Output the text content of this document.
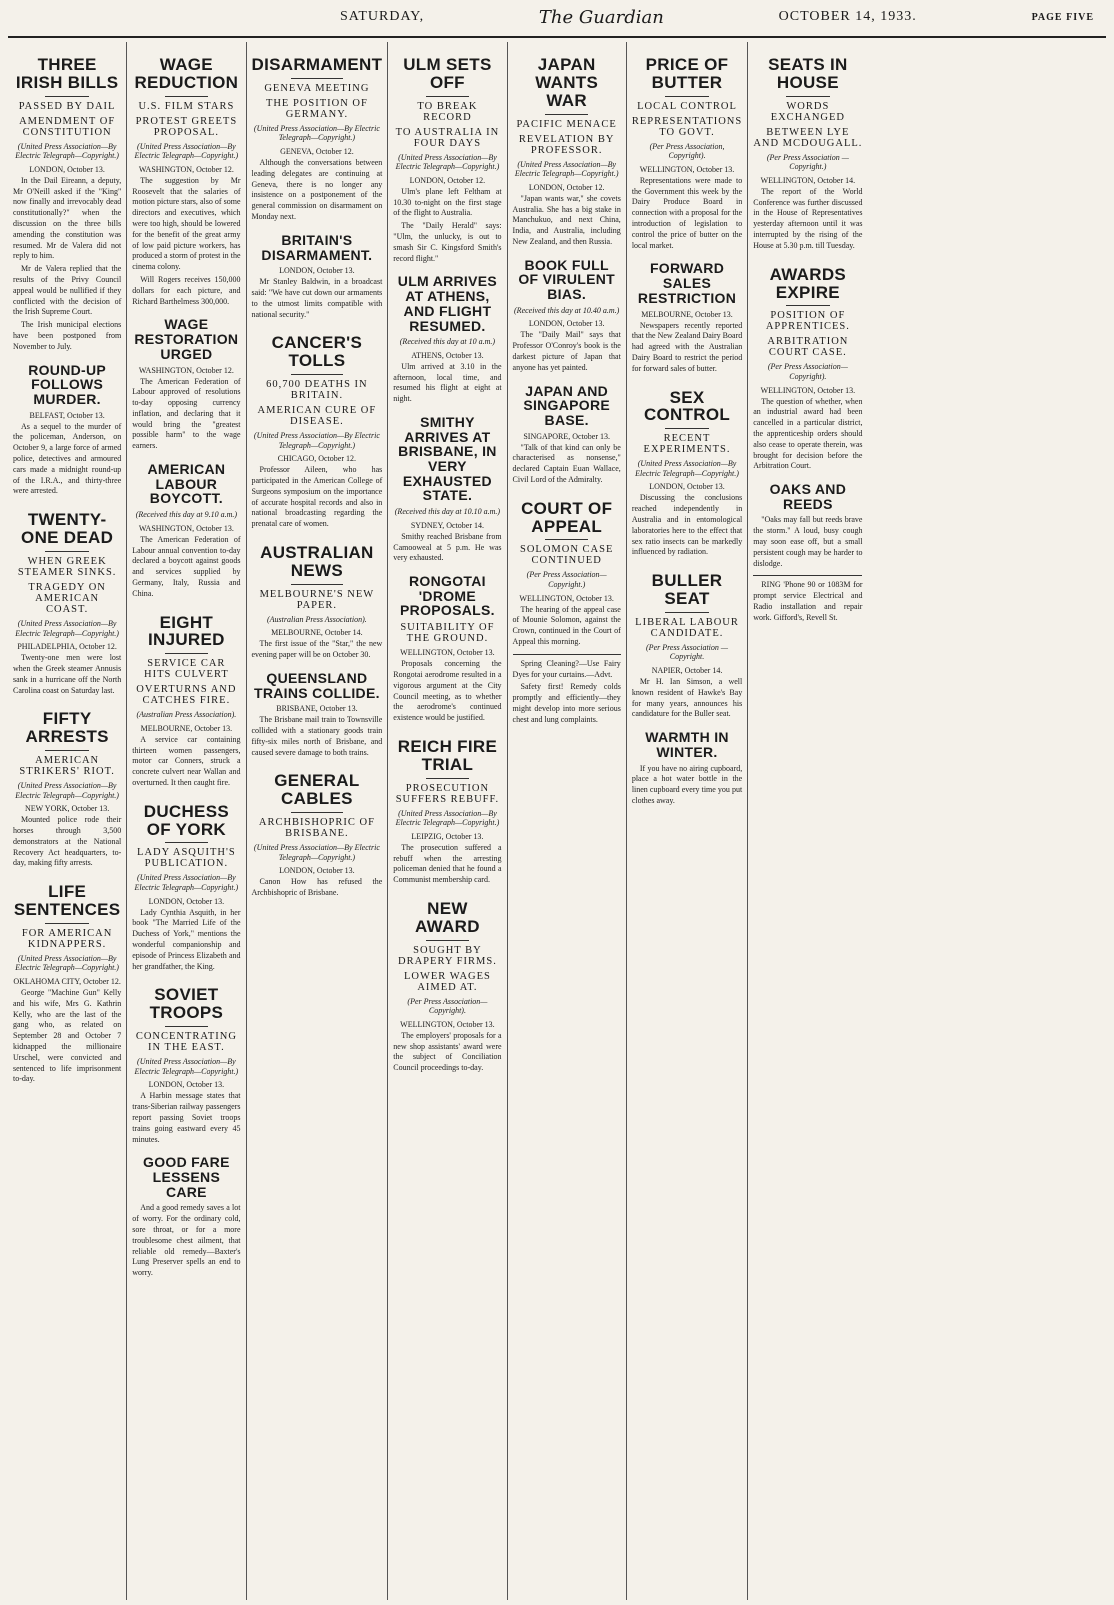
SATURDAY,	The Guardian	OCTOBER 14, 1933.	PAGE FIVE
THREE IRISH BILLS
PASSED BY DAIL
AMENDMENT OF CONSTITUTION
(United Press Association—By Electric Telegraph—Copyright.)
LONDON, October 13.

In the Dail Eireann, a deputy, Mr O'Neill asked if the "King" now finally and irrevocably dead constitutionally?" when the discussion on the three bills amending the constitution was resumed. Mr de Valera did not reply to him.

Mr de Valera replied that the results of the Privy Council appeal would be nullified if they conflicted with the decision of the Irish Supreme Court.

The Irish municipal elections have been postponed from November to July.

ROUND-UP FOLLOWS MURDER.
BELFAST, October 13.

As a sequel to the murder of the policeman, Anderson, on October 9, a large force of armed police, detectives and armoured cars made a midnight round-up of the I.R.A., and thirty-three were arrested.

TWENTY-ONE DEAD
WHEN GREEK STEAMER SINKS.
TRAGEDY ON AMERICAN COAST.
(United Press Association—By Electric Telegraph—Copyright.)
PHILADELPHIA, October 12.

Twenty-one men were lost when the Greek steamer Annusis sank in a hurricane off the North Carolina coast on Saturday last.

FIFTY ARRESTS
AMERICAN STRIKERS' RIOT.
(United Press Association—By Electric Telegraph—Copyright.)
NEW YORK, October 13.

Mounted police rode their horses through 3,500 demonstrators at the National Recovery Act headquarters, to-day, making fifty arrests.

LIFE SENTENCES
FOR AMERICAN KIDNAPPERS.
(United Press Association—By Electric Telegraph—Copyright.)
OKLAHOMA CITY, October 12.

George "Machine Gun" Kelly and his wife, Mrs G. Kathrin Kelly, who are the last of the gang who, as related on September 28 and October 7 kidnapped the millionaire Urschel, were convicted and sentenced to life imprisonment to-day.

WAGE REDUCTION
U.S. FILM STARS
PROTEST GREETS PROPOSAL.
(United Press Association—By Electric Telegraph—Copyright.)
WASHINGTON, October 12.

The suggestion by Mr Roosevelt that the salaries of motion picture stars, also of some directors and executives, which were too high, should be lowered for the benefit of the great army of low paid picture workers, has produced a storm of protest in the cinema colony.

Will Rogers receives 150,000 dollars for each picture, and Richard Barthelmess 300,000.

WAGE RESTORATION URGED
WASHINGTON, October 12.

The American Federation of Labour approved of resolutions to-day opposing currency inflation, and declaring that it would bring the "greatest possible harm" to the wage earners.

AMERICAN LABOUR BOYCOTT.
(Received this day at 9.10 a.m.)
WASHINGTON, October 13.

The American Federation of Labour annual convention to-day declared a boycott against goods and services supplied by Germany, Italy, Russia and China.

EIGHT INJURED
SERVICE CAR HITS CULVERT
OVERTURNS AND CATCHES FIRE.
(Australian Press Association).
MELBOURNE, October 13.

A service car containing thirteen women passengers, motor car Conners, struck a concrete culvert near Wallan and overturned. It then caught fire.

DUCHESS OF YORK
LADY ASQUITH'S PUBLICATION.
(United Press Association—By Electric Telegraph—Copyright.)
LONDON, October 13.

Lady Cynthia Asquith, in her book "The Married Life of the Duchess of York," mentions the wonderful companionship and episode of Princess Elizabeth and her grandfather, the King.

SOVIET TROOPS
CONCENTRATING IN THE EAST.
(United Press Association—By Electric Telegraph—Copyright.)
LONDON, October 13.

A Harbin message states that trans-Siberian railway passengers report passing Soviet troops trains going eastward every 45 minutes.

GOOD FARE LESSENS CARE

And a good remedy saves a lot of worry. For the ordinary cold, sore throat, or for a more troublesome chest ailment, that reliable old remedy—Baxter's Lung Preserver spells an end to worry.

DISARMAMENT
GENEVA MEETING
THE POSITION OF GERMANY.
(United Press Association—By Electric Telegraph—Copyright.)
GENEVA, October 12.

Although the conversations between leading delegates are continuing at Geneva, there is no longer any insistence on a postponement of the general commission on disarmament on Monday next.

BRITAIN'S DISARMAMENT.
LONDON, October 13.

Mr Stanley Baldwin, in a broadcast said: "We have cut down our armaments to the utmost limits compatible with national security."

CANCER'S TOLLS
60,700 DEATHS IN BRITAIN.
AMERICAN CURE OF DISEASE.
(United Press Association—By Electric Telegraph—Copyright.)
CHICAGO, October 12.

Professor Aileen, who has participated in the American College of Surgeons symposium on the importance of accurate hospital records and also in national broadcasting regarding the prenatal care of women.

AUSTRALIAN NEWS
MELBOURNE'S NEW PAPER.
(Australian Press Association).
MELBOURNE, October 14.

The first issue of the "Star," the new evening paper will be on October 30.

QUEENSLAND TRAINS COLLIDE.
BRISBANE, October 13.

The Brisbane mail train to Townsville collided with a stationary goods train fifty-six miles north of Brisbane, and caused severe damage to both trains.

GENERAL CABLES
ARCHBISHOPRIC OF BRISBANE.
(United Press Association—By Electric Telegraph—Copyright.)
LONDON, October 13.

Canon How has refused the Archbishopric of Brisbane.

ULM SETS OFF
TO BREAK RECORD
TO AUSTRALIA IN FOUR DAYS
(United Press Association—By Electric Telegraph—Copyright.)
LONDON, October 12.

Ulm's plane left Feltham at 10.30 to-night on the first stage of the flight to Australia.

The "Daily Herald" says: "Ulm, the unlucky, is out to smash Sir C. Kingsford Smith's record flight."

ULM ARRIVES AT ATHENS, AND FLIGHT RESUMED.
(Received this day at 10 a.m.)
ATHENS, October 13.

Ulm arrived at 3.10 in the afternoon, local time, and resumed his flight at eight at night.

SMITHY ARRIVES AT BRISBANE, IN VERY EXHAUSTED STATE.
(Received this day at 10.10 a.m.)
SYDNEY, October 14.

Smithy reached Brisbane from Camooweal at 5 p.m. He was very exhausted.

RONGOTAI 'DROME PROPOSALS.
SUITABILITY OF THE GROUND.
WELLINGTON, October 13.

Proposals concerning the Rongotai aerodrome resulted in a vigorous argument at the City Council meeting, as to whether the aerodrome's continued existence would be justified.

REICH FIRE TRIAL
PROSECUTION SUFFERS REBUFF.
(United Press Association—By Electric Telegraph—Copyright.)
LEIPZIG, October 13.

The prosecution suffered a rebuff when the arresting policeman denied that he found a Communist membership card.

NEW AWARD
SOUGHT BY DRAPERY FIRMS.
LOWER WAGES AIMED AT.
(Per Press Association—Copyright).
WELLINGTON, October 13.

The employers' proposals for a new shop assistants' award were the subject of Conciliation Council proceedings to-day.

JAPAN WANTS WAR
PACIFIC MENACE
REVELATION BY PROFESSOR.
(United Press Association—By Electric Telegraph—Copyright.)
LONDON, October 12.

"Japan wants war," she covets Australia. She has a big stake in Manchukuo, and next China, India, and Australia, including New Zealand, and then Russia.

BOOK FULL OF VIRULENT BIAS.
(Received this day at 10.40 a.m.)
LONDON, October 13.

The "Daily Mail" says that Professor O'Conroy's book is the darkest picture of Japan that anyone has yet painted.

JAPAN AND SINGAPORE BASE.
SINGAPORE, October 13.

"Talk of that kind can only be characterised as nonsense," declared Captain Euan Wallace, Civil Lord of the Admiralty.

COURT OF APPEAL
SOLOMON CASE CONTINUED
(Per Press Association—Copyright.)
WELLINGTON, October 13.

The hearing of the appeal case of Mounie Solomon, against the Crown, continued in the Court of Appeal this morning.

Spring Cleaning?—Use Fairy Dyes for your curtains.—Advt.

Safety first! Remedy colds promptly and efficiently—they might develop into more serious chest and lung complaints.

PRICE OF BUTTER
LOCAL CONTROL
REPRESENTATIONS TO GOVT.
(Per Press Association, Copyright).
WELLINGTON, October 13.

Representations were made to the Government this week by the Dairy Produce Board in connection with a proposal for the introduction of legislation to control the price of butter on the local market.

FORWARD SALES RESTRICTION
MELBOURNE, October 13.

Newspapers recently reported that the New Zealand Dairy Board had agreed with the Australian Dairy Board to restrict the period for forward sales of butter.

SEX CONTROL
RECENT EXPERIMENTS.
(United Press Association—By Electric Telegraph—Copyright.)
LONDON, October 13.

Discussing the conclusions reached independently in Australia and in entomological laboratories here to the effect that sex ratio insects can be markedly influenced by radiation.

BULLER SEAT
LIBERAL LABOUR CANDIDATE.
(Per Press Association — Copyright.
NAPIER, October 14.

Mr H. Ian Simson, a well known resident of Hawke's Bay for many years, announces his candidature for the Buller seat.

WARMTH IN WINTER.

If you have no airing cupboard, place a hot water bottle in the linen cupboard every time you put clothes away.

SEATS IN HOUSE
WORDS EXCHANGED
BETWEEN LYE AND MCDOUGALL.
(Per Press Association — Copyright.)
WELLINGTON, October 14.

The report of the World Conference was further discussed in the House of Representatives yesterday afternoon until it was interrupted by the rising of the House at 5.30 p.m. till Tuesday.

AWARDS EXPIRE
POSITION OF APPRENTICES.
ARBITRATION COURT CASE.
(Per Press Association—Copyright).
WELLINGTON, October 13.

The question of whether, when an industrial award had been cancelled in a particular district, the apprenticeship orders should also cease to operate therein, was brought for decision before the Arbitration Court.

OAKS AND REEDS

"Oaks may fall but reeds brave the storm." A loud, busy cough may soon ease off, but a small persistent cough may be harder to dislodge.

RING 'Phone 90 or 1083M for prompt service Electrical and Radio installation and repair work. Gifford's, Revell St.
